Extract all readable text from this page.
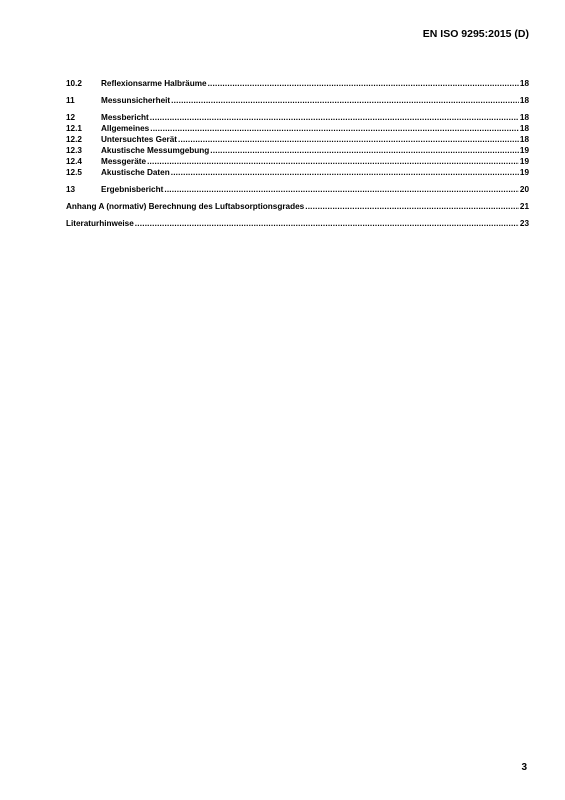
EN ISO 9295:2015 (D)
10.2	Reflexionsarme Halbräume .....	18
11	Messunsicherheit .....	18
12	Messbericht .....	18
12.1	Allgemeines .....	18
12.2	Untersuchtes Gerät .....	18
12.3	Akustische Messumgebung .....	19
12.4	Messgeräte .....	19
12.5	Akustische Daten .....	19
13	Ergebnisbericht .....	20
Anhang A (normativ) Berechnung des Luftabsorptionsgrades .....	21
Literaturhinweise .....	23
3
